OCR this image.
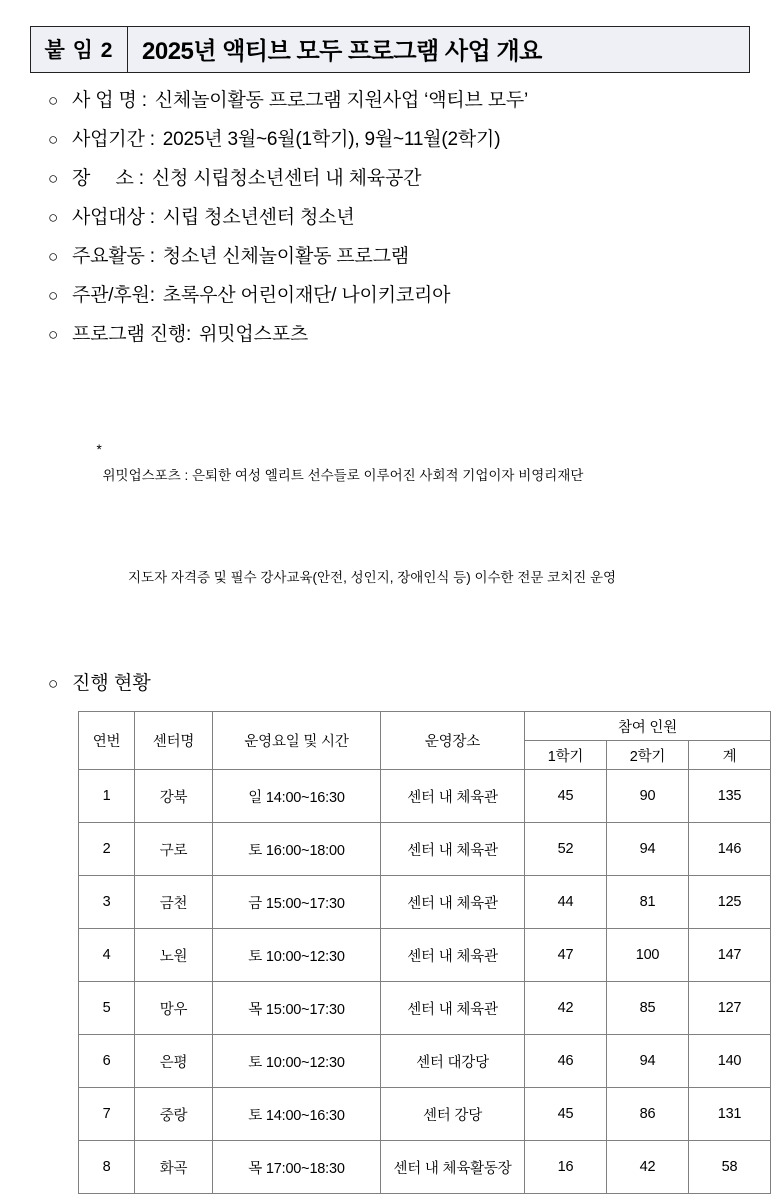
붙 임 2	2025년 액티브 모두 프로그램 사업 개요
○ 사 업 명 : 신체놀이활동 프로그램 지원사업 ‘액티브 모두’
○ 사업기간 : 2025년 3월~6월(1학기), 9월~11월(2학기)
○ 장     소 : 신청 시립청소년센터 내 체육공간
○ 사업대상 : 시립 청소년센터 청소년
○ 주요활동 : 청소년 신체놀이활동 프로그램
○ 주관/후원: 초록우산 어린이재단/ 나이키코리아
○ 프로그램 진행: 위밋업스포츠

*
위밋업스포츠 : 은퇴한 여성 엘리트 선수들로 이루어진 사회적 기업이자 비영리재단

지도자 자격증 및 필수 강사교육(안전, 성인지, 장애인식 등) 이수한 전문 코치진 운영

○ 진행 현황
연번	센터명	운영요일 및 시간	운영장소	참여 인원		
				1학기	2학기	계
1	강북	일 14:00~16:30	센터 내 체육관	45	90	135
2	구로	토 16:00~18:00	센터 내 체육관	52	94	146
3	금천	금 15:00~17:30	센터 내 체육관	44	81	125
4	노원	토 10:00~12:30	센터 내 체육관	47	100	147
5	망우	목 15:00~17:30	센터 내 체육관	42	85	127
6	은평	토 10:00~12:30	센터 대강당	46	94	140
7	중랑	토 14:00~16:30	센터 강당	45	86	131
8	화곡	목 17:00~18:30	센터 내 체육활동장	16	42	58
